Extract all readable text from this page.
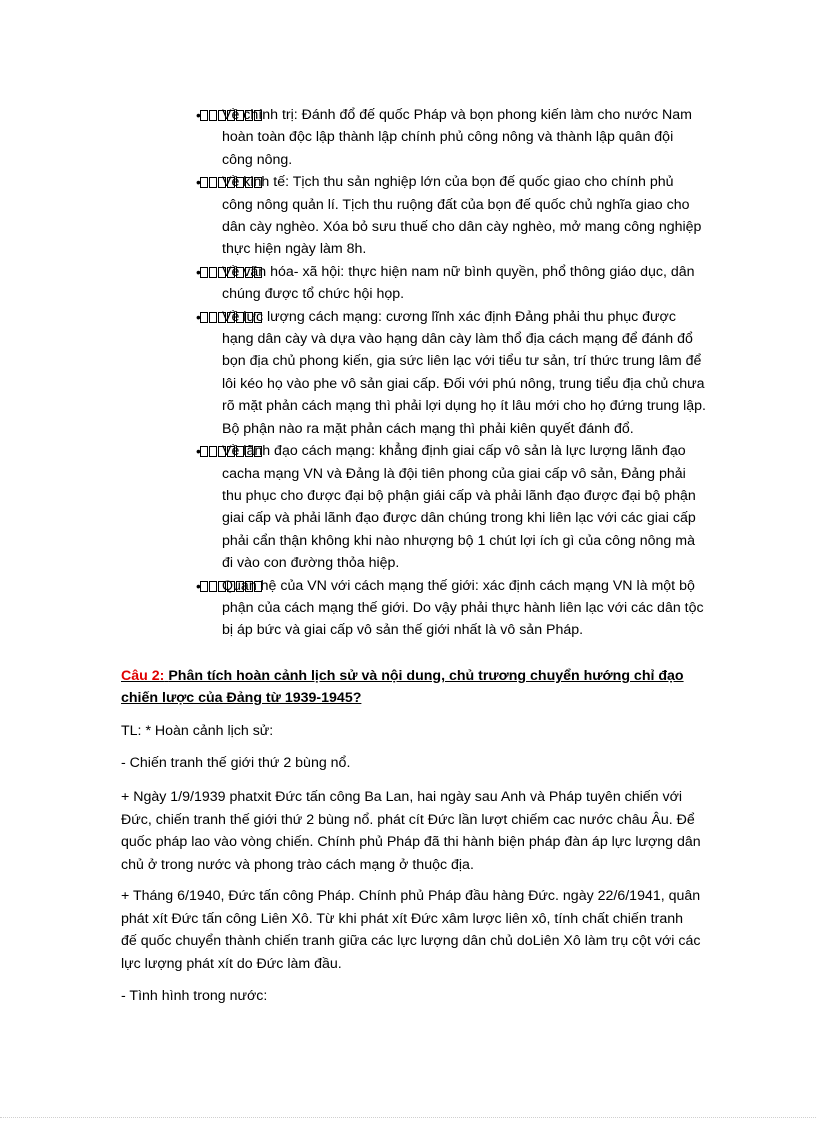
•	Về chính trị: Đánh đổ đế quốc Pháp và bọn phong kiến làm cho nước Nam hoàn toàn độc lập thành lập chính phủ công nông và thành lập quân đội công nông.
•	Về kinh tế: Tịch thu sản nghiệp lớn của bọn đế quốc giao cho chính phủ công nông quản lí. Tịch thu ruộng đất của bọn đế quốc chủ nghĩa giao cho dân cày nghèo. Xóa bỏ sưu thuế cho dân cày nghèo, mở mang công nghiệp thực hiện ngày làm 8h.
•	Về văn hóa- xã hội: thực hiện nam nữ bình quyền, phổ thông giáo dục, dân chúng được tổ chức hội họp.
•	Về lực lượng cách mạng: cương lĩnh xác định Đảng phải thu phục được hạng dân cày và dựa vào hạng dân cày làm thổ địa cách mạng để đánh đổ bọn địa chủ phong kiến, gia sức liên lạc với tiểu tư sản, trí thức trung lâm để lôi kéo họ vào phe vô sản giai cấp. Đối với phú nông, trung tiểu địa chủ chưa rõ mặt phản cách mạng thì phải lợi dụng họ ít lâu mới cho họ đứng trung lập. Bộ phận nào ra mặt phản cách mạng thì phải kiên quyết đánh đổ.
•	Về lãnh đạo cách mạng: khẳng định giai cấp vô sản là lực lượng lãnh đạo cacha mạng VN và Đảng là đội tiên phong của giai cấp vô sản, Đảng phải thu phục cho được đại bộ phận giái cấp và phải lãnh đạo được đại bộ phận giai cấp và phải lãnh đạo được dân chúng trong khi liên lạc với các giai cấp phải cẩn thận không khi nào nhượng bộ 1 chút lợi ích gì của công nông mà đi vào con đường thỏa hiệp.
•	Quan hệ của VN với cách mạng thế giới: xác định cách mạng VN là một bộ phận của cách mạng thế giới. Do vậy phải thực hành liên lạc với các dân tộc bị áp bức và giai cấp vô sản thế giới nhất là vô sản Pháp.
Câu 2: Phân tích hoàn cảnh lịch sử và nội dung, chủ trương chuyển hướng chỉ đạo chiến lược của Đảng từ 1939-1945?

TL: * Hoàn cảnh lịch sử:

- Chiến tranh thế giới thứ 2 bùng nổ.

+ Ngày 1/9/1939 phatxit Đức tấn công Ba Lan, hai ngày sau Anh và Pháp tuyên chiến với Đức, chiến tranh thế giới thứ 2 bùng nổ. phát cít Đức lần lượt chiếm cac nước châu Âu. Để quốc pháp lao vào vòng chiến. Chính phủ Pháp đã thi hành biện pháp đàn áp lực lượng dân chủ ở trong nước và phong trào cách mạng ở thuộc địa.

+ Tháng 6/1940, Đức tấn công Pháp. Chính phủ Pháp đầu hàng Đức. ngày 22/6/1941, quân phát xít Đức tấn công Liên Xô. Từ khi phát xít Đức xâm lược liên xô, tính chất chiến tranh đế quốc chuyển thành chiến tranh giữa các lực lượng dân chủ doLiên Xô làm trụ cột với các lực lượng phát xít do Đức làm đầu.

- Tình hình trong nước:
